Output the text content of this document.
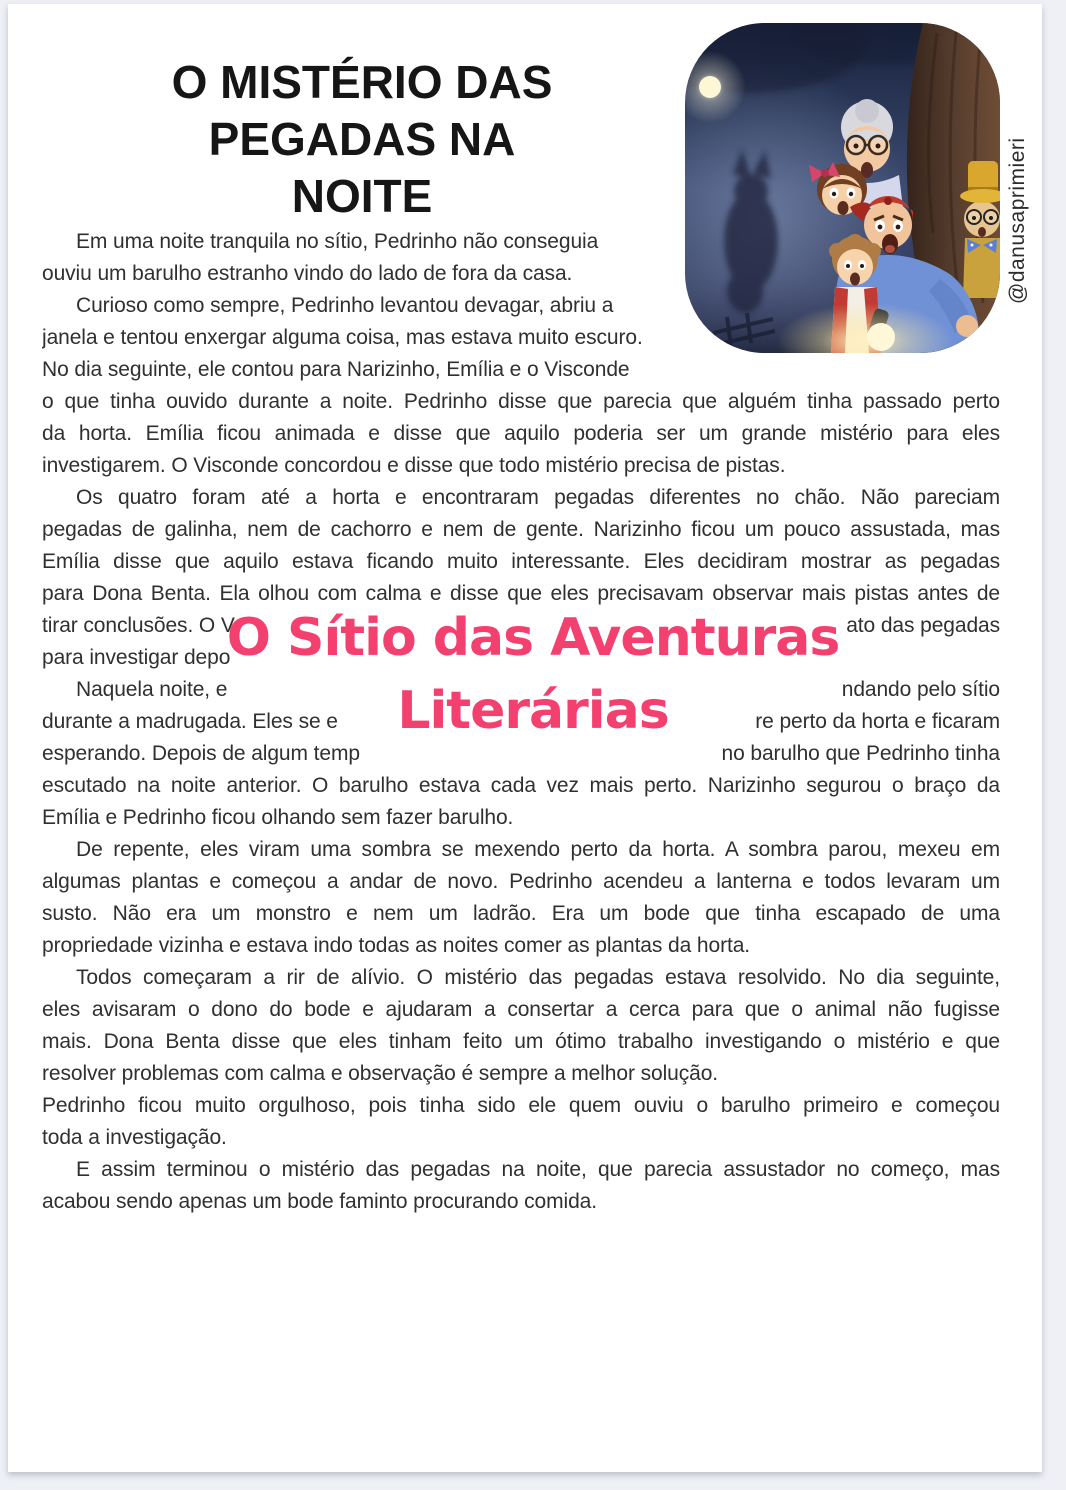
O MISTÉRIO DAS
PEGADAS NA
NOITE
Em uma noite tranquila no sítio, Pedrinho não conseguia
ouviu um barulho estranho vindo do lado de fora da casa.
Curioso como sempre, Pedrinho levantou devagar, abriu a
janela e tentou enxergar alguma coisa, mas estava muito escuro.
No dia seguinte, ele contou para Narizinho, Emília e o Visconde
o que tinha ouvido durante a noite. Pedrinho disse que parecia que alguém tinha passado perto
da horta. Emília ficou animada e disse que aquilo poderia ser um grande mistério para eles
investigarem. O Visconde concordou e disse que todo mistério precisa de pistas.
Os quatro foram até a horta e encontraram pegadas diferentes no chão. Não pareciam
pegadas de galinha, nem de cachorro e nem de gente. Narizinho ficou um pouco assustada, mas
Emília disse que aquilo estava ficando muito interessante. Eles decidiram mostrar as pegadas
para Dona Benta. Ela olhou com calma e disse que eles precisavam observar mais pistas antes de
tirar conclusões. O V	ato das pegadas
para investigar depo
Naquela noite, e	ndando pelo sítio
durante a madrugada. Eles se e	re perto da horta e ficaram
esperando. Depois de algum temp	no barulho que Pedrinho tinha
escutado na noite anterior. O barulho estava cada vez mais perto. Narizinho segurou o braço da
Emília e Pedrinho ficou olhando sem fazer barulho.
De repente, eles viram uma sombra se mexendo perto da horta. A sombra parou, mexeu em
algumas plantas e começou a andar de novo. Pedrinho acendeu a lanterna e todos levaram um
susto. Não era um monstro e nem um ladrão. Era um bode que tinha escapado de uma
propriedade vizinha e estava indo todas as noites comer as plantas da horta.
Todos começaram a rir de alívio. O mistério das pegadas estava resolvido. No dia seguinte,
eles avisaram o dono do bode e ajudaram a consertar a cerca para que o animal não fugisse
mais. Dona Benta disse que eles tinham feito um ótimo trabalho investigando o mistério e que
resolver problemas com calma e observação é sempre a melhor solução.
Pedrinho ficou muito orgulhoso, pois tinha sido ele quem ouviu o barulho primeiro e começou
toda a investigação.
E assim terminou o mistério das pegadas na noite, que parecia assustador no começo, mas
acabou sendo apenas um bode faminto procurando comida.
@danusaprimieri
O Sítio das Aventuras
Literárias
